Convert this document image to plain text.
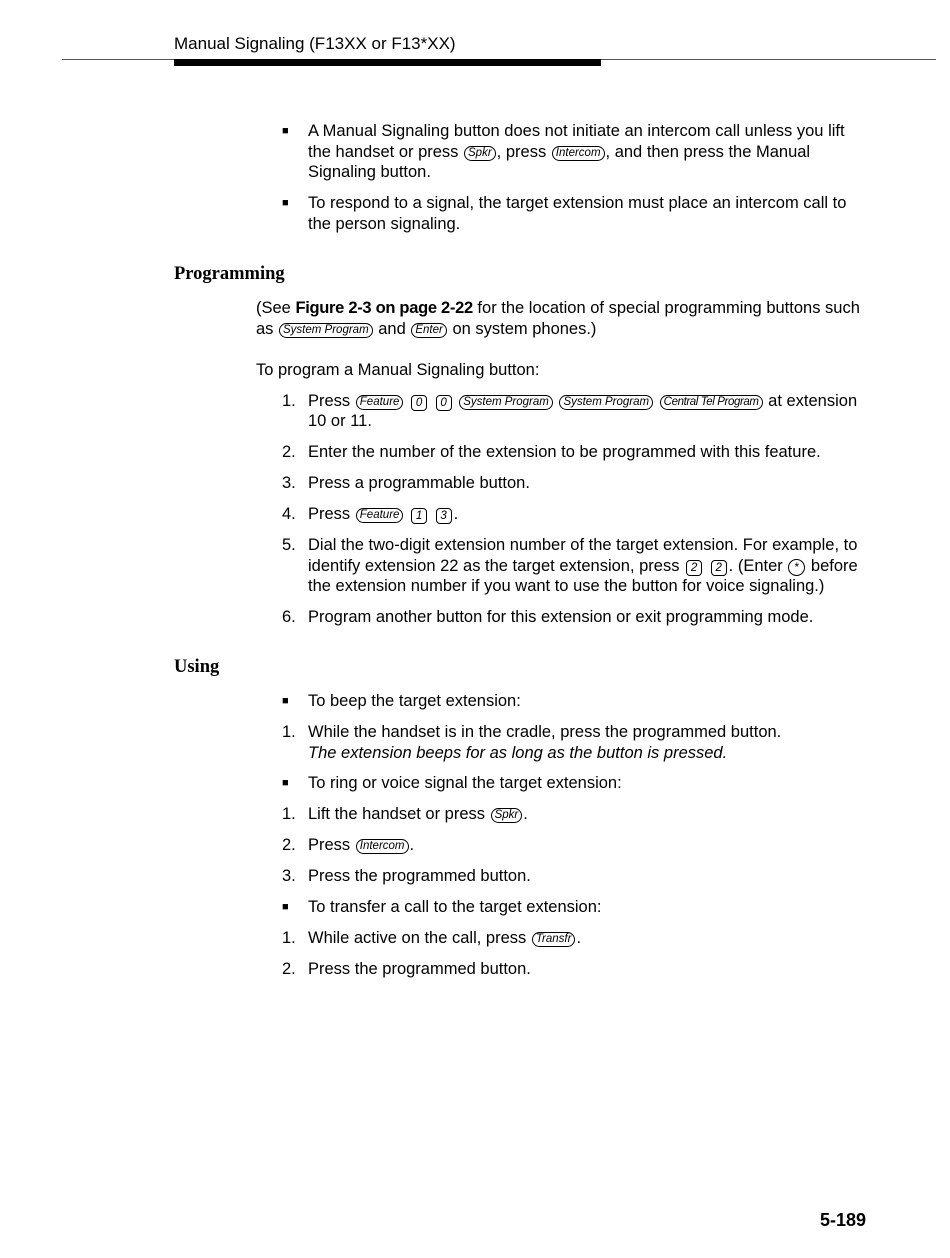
Manual Signaling (F13XX or F13*XX)
■ A Manual Signaling button does not initiate an intercom call unless you lift
the handset or press Spkr , press Intercom , and then press the Manual
Signaling button.
■ To respond to a signal, the target extension must place an intercom call to
the person signaling.
Programming
(See Figure 2-3 on page 2-22 for the location of special programming buttons such
as System Program and Enter on system phones.)
To program a Manual Signaling button:
1. Press Feature 0 0 System Program System Program Central Tel Program at extension
10 or 11.
2. Enter the number of the extension to be programmed with this feature.
3. Press a programmable button.
4. Press Feature 1 3 .
5. Dial the two-digit extension number of the target extension. For example, to
identify extension 22 as the target extension, press 2 2 . (Enter * before
the extension number if you want to use the button for voice signaling.)
6. Program another button for this extension or exit programming mode.
Using
■ To beep the target extension:
1. While the handset is in the cradle, press the programmed button.
The extension beeps for as long as the button is pressed.
■ To ring or voice signal the target extension:
1. Lift the handset or press Spkr .
2. Press Intercom .
3. Press the programmed button.
■ To transfer a call to the target extension:
1. While active on the call, press Transfr .
2. Press the programmed button.
5-189
